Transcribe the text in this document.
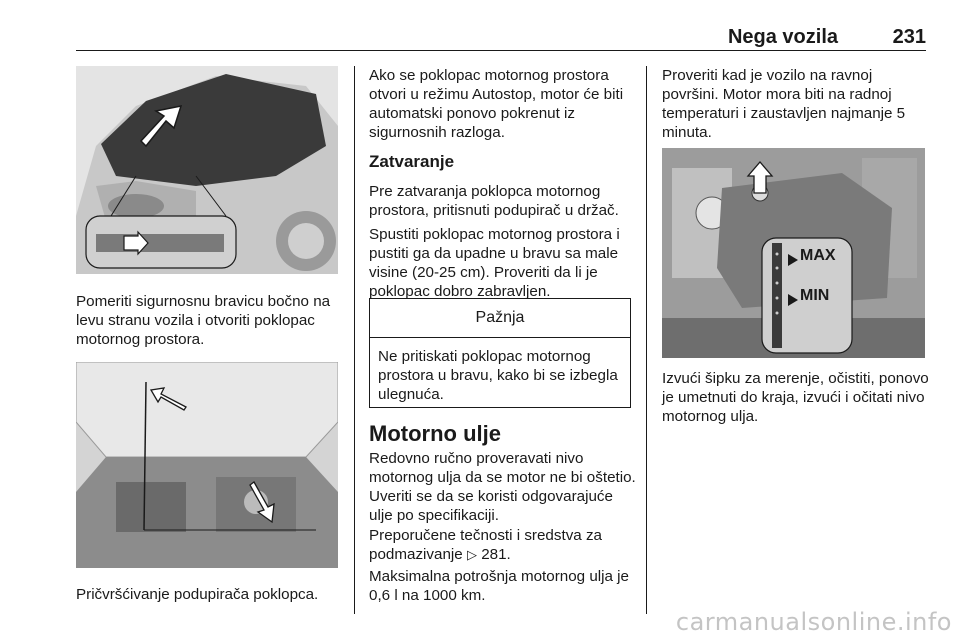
Nega vozila	231

Pomeriti sigurnosnu bravicu bočno na levu stranu vozila i otvoriti poklopac motornog prostora.

Pričvršćivanje podupirača poklopca.

Ako se poklopac motornog prostora otvori u režimu Autostop, motor će biti automatski ponovo pokrenut iz sigurnosnih razloga.

Zatvaranje

Pre zatvaranja poklopca motornog prostora, pritisnuti podupirač u držač.

Spustiti poklopac motornog prostora i pustiti ga da upadne u bravu sa male visine (20-25 cm). Proveriti da li je poklopac dobro zabravljen.

Pažnja
Ne pritiskati poklopac motornog prostora u bravu, kako bi se izbegla ulegnuća.
Motorno ulje

Redovno ručno proveravati nivo motornog ulja da se motor ne bi oštetio. Uveriti se da se koristi odgovarajuće ulje po specifikaciji.

Preporučene tečnosti i sredstva za podmazivanje ▷ 281.

Maksimalna potrošnja motornog ulja je 0,6 l na 1000 km.

Proveriti kad je vozilo na ravnoj površini. Motor mora biti na radnoj temperaturi i zaustavljen najmanje 5 minuta.

MAX
MIN

Izvući šipku za merenje, očistiti, ponovo je umetnuti do kraja, izvući i očitati nivo motornog ulja.

carmanualsonline.info
